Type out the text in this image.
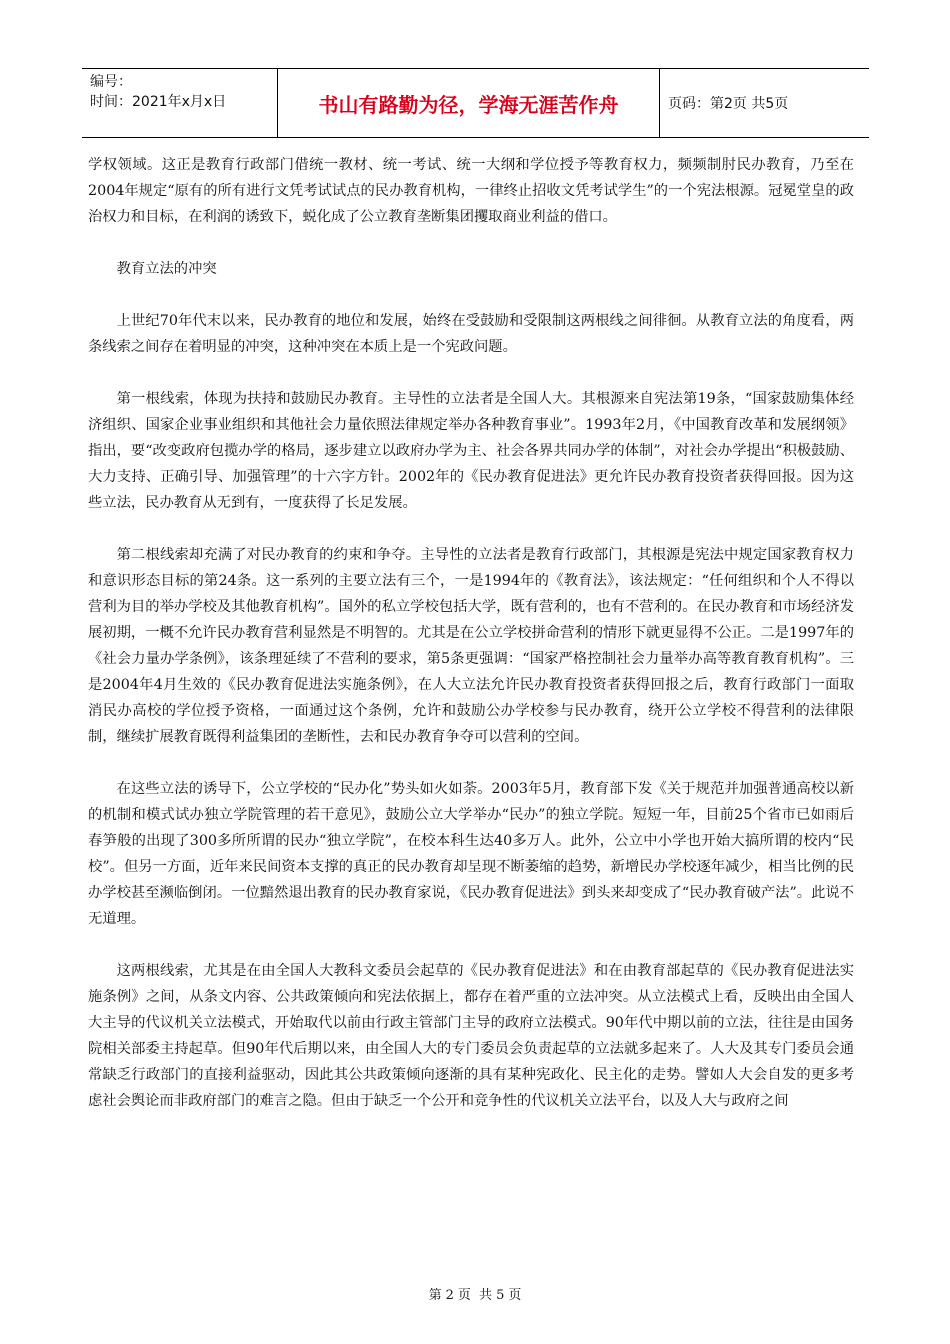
编号：
时间：2021年x月x日	书山有路勤为径，学海无涯苦作舟	页码：第2页 共5页

学权领域。这正是教育行政部门借统一教材、统一考试、统一大纲和学位授予等教育权力，频频制肘民办教育，乃至在2004年规定“原有的所有进行文凭考试试点的民办教育机构，一律终止招收文凭考试学生”的一个宪法根源。冠冕堂皇的政治权力和目标，在利润的诱致下，蜕化成了公立教育垄断集团攫取商业利益的借口。

教育立法的冲突

上世纪70年代末以来，民办教育的地位和发展，始终在受鼓励和受限制这两根线之间徘徊。从教育立法的角度看，两条线索之间存在着明显的冲突，这种冲突在本质上是一个宪政问题。

第一根线索，体现为扶持和鼓励民办教育。主导性的立法者是全国人大。其根源来自宪法第19条，“国家鼓励集体经济组织、国家企业事业组织和其他社会力量依照法律规定举办各种教育事业”。1993年2月，《中国教育改革和发展纲领》指出，要“改变政府包揽办学的格局，逐步建立以政府办学为主、社会各界共同办学的体制”，对社会办学提出“积极鼓励、大力支持、正确引导、加强管理”的十六字方针。2002年的《民办教育促进法》更允许民办教育投资者获得回报。因为这些立法，民办教育从无到有，一度获得了长足发展。

第二根线索却充满了对民办教育的约束和争夺。主导性的立法者是教育行政部门，其根源是宪法中规定国家教育权力和意识形态目标的第24条。这一系列的主要立法有三个，一是1994年的《教育法》，该法规定：“任何组织和个人不得以营利为目的举办学校及其他教育机构”。国外的私立学校包括大学，既有营利的，也有不营利的。在民办教育和市场经济发展初期，一概不允许民办教育营利显然是不明智的。尤其是在公立学校拼命营利的情形下就更显得不公正。二是1997年的《社会力量办学条例》，该条理延续了不营利的要求，第5条更强调：“国家严格控制社会力量举办高等教育教育机构”。三是2004年4月生效的《民办教育促进法实施条例》，在人大立法允许民办教育投资者获得回报之后，教育行政部门一面取消民办高校的学位授予资格，一面通过这个条例，允许和鼓励公办学校参与民办教育，绕开公立学校不得营利的法律限制，继续扩展教育既得利益集团的垄断性，去和民办教育争夺可以营利的空间。

在这些立法的诱导下，公立学校的“民办化”势头如火如荼。2003年5月，教育部下发《关于规范并加强普通高校以新的机制和模式试办独立学院管理的若干意见》，鼓励公立大学举办“民办”的独立学院。短短一年，目前25个省市已如雨后春笋般的出现了300多所所谓的民办“独立学院”，在校本科生达40多万人。此外，公立中小学也开始大搞所谓的校内“民校”。但另一方面，近年来民间资本支撑的真正的民办教育却呈现不断萎缩的趋势，新增民办学校逐年减少，相当比例的民办学校甚至濒临倒闭。一位黯然退出教育的民办教育家说，《民办教育促进法》到头来却变成了“民办教育破产法”。此说不无道理。

这两根线索，尤其是在由全国人大教科文委员会起草的《民办教育促进法》和在由教育部起草的《民办教育促进法实施条例》之间，从条文内容、公共政策倾向和宪法依据上，都存在着严重的立法冲突。从立法模式上看，反映出由全国人大主导的代议机关立法模式，开始取代以前由行政主管部门主导的政府立法模式。90年代中期以前的立法，往往是由国务院相关部委主持起草。但90年代后期以来，由全国人大的专门委员会负责起草的立法就多起来了。人大及其专门委员会通常缺乏行政部门的直接利益驱动，因此其公共政策倾向逐渐的具有某种宪政化、民主化的走势。譬如人大会自发的更多考虑社会舆论而非政府部门的难言之隐。但由于缺乏一个公开和竞争性的代议机关立法平台，以及人大与政府之间

第 2 页 共 5 页
